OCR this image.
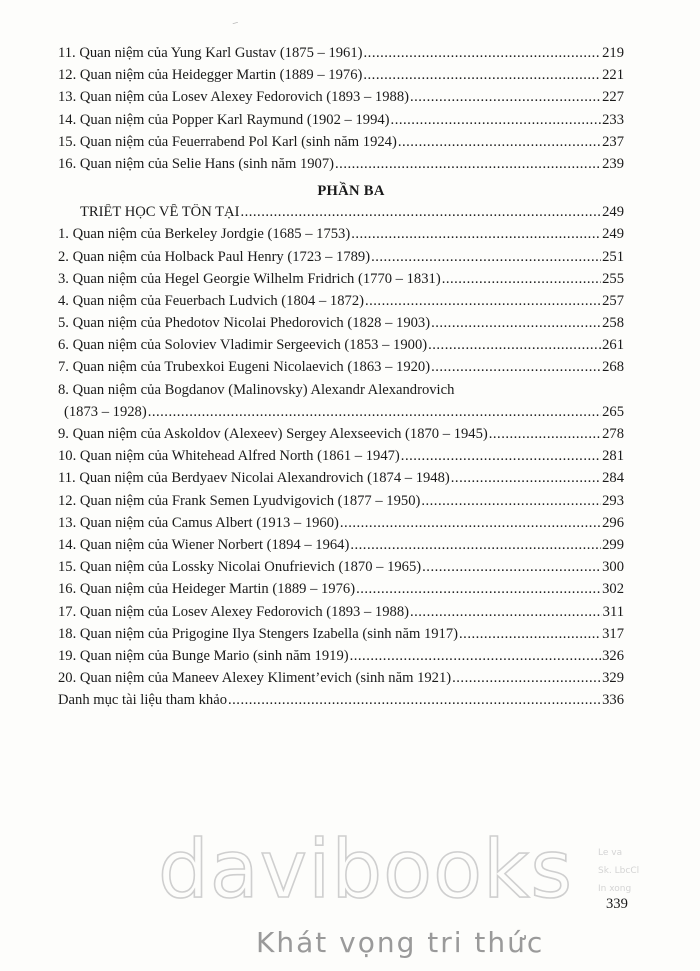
_
11. Quan niệm của Yung Karl Gustav (1875 – 1961) .....	219
12. Quan niệm của Heidegger Martin (1889 – 1976) .....	221
13. Quan niệm của Losev Alexey Fedorovich (1893 – 1988) .....	227
14. Quan niệm của Popper Karl Raymund (1902 – 1994) .....	233
15. Quan niệm của Feuerrabend Pol Karl (sinh năm 1924) .....	237
16. Quan niệm của Selie Hans (sinh năm 1907) .....	239
PHẦN BA
TRIẾT HỌC VỀ TỒN TẠI .....	249
1. Quan niệm của Berkeley Jordgie (1685 – 1753) .....	249
2. Quan niệm của Holback Paul Henry (1723 – 1789) .....	251
3. Quan niệm của Hegel Georgie Wilhelm Fridrich (1770 – 1831) .....	255
4. Quan niệm của Feuerbach Ludvich (1804 – 1872) .....	257
5. Quan niệm của Phedotov Nicolai Phedorovich (1828 – 1903) .....	258
6. Quan niệm của Soloviev Vladimir Sergeevich (1853 – 1900) .....	261
7. Quan niệm của Trubexkoi Eugeni Nicolaevich (1863 – 1920) .....	268
8. Quan niệm của Bogdanov (Malinovsky) Alexandr Alexandrovich
(1873 – 1928) .....	265
9. Quan niệm của Askoldov (Alexeev) Sergey Alexseevich (1870 – 1945) .....	278
10. Quan niệm của Whitehead Alfred North (1861 – 1947) .....	281
11. Quan niệm của Berdyaev Nicolai Alexandrovich (1874 – 1948) .....	284
12. Quan niệm của Frank Semen Lyudvigovich (1877 – 1950) .....	293
13. Quan niệm của Camus Albert (1913 – 1960) .....	296
14. Quan niệm của Wiener Norbert (1894 – 1964) .....	299
15. Quan niệm của Lossky Nicolai Onufrievich (1870 – 1965) .....	300
16. Quan niệm của Heideger Martin (1889 – 1976) .....	302
17. Quan niệm của Losev Alexey Fedorovich (1893 – 1988) .....	311
18. Quan niệm của Prigogine Ilya Stengers Izabella (sinh năm 1917) .....	317
19. Quan niệm của Bunge Mario (sinh năm 1919) .....	326
20. Quan niệm của Maneev Alexey Kliment’evich (sinh năm 1921) .....	329
Danh mục tài liệu tham khảo .....	336
Le va
Sk. LbcCl
In xong
davibooks
Khát vọng tri thức
339
